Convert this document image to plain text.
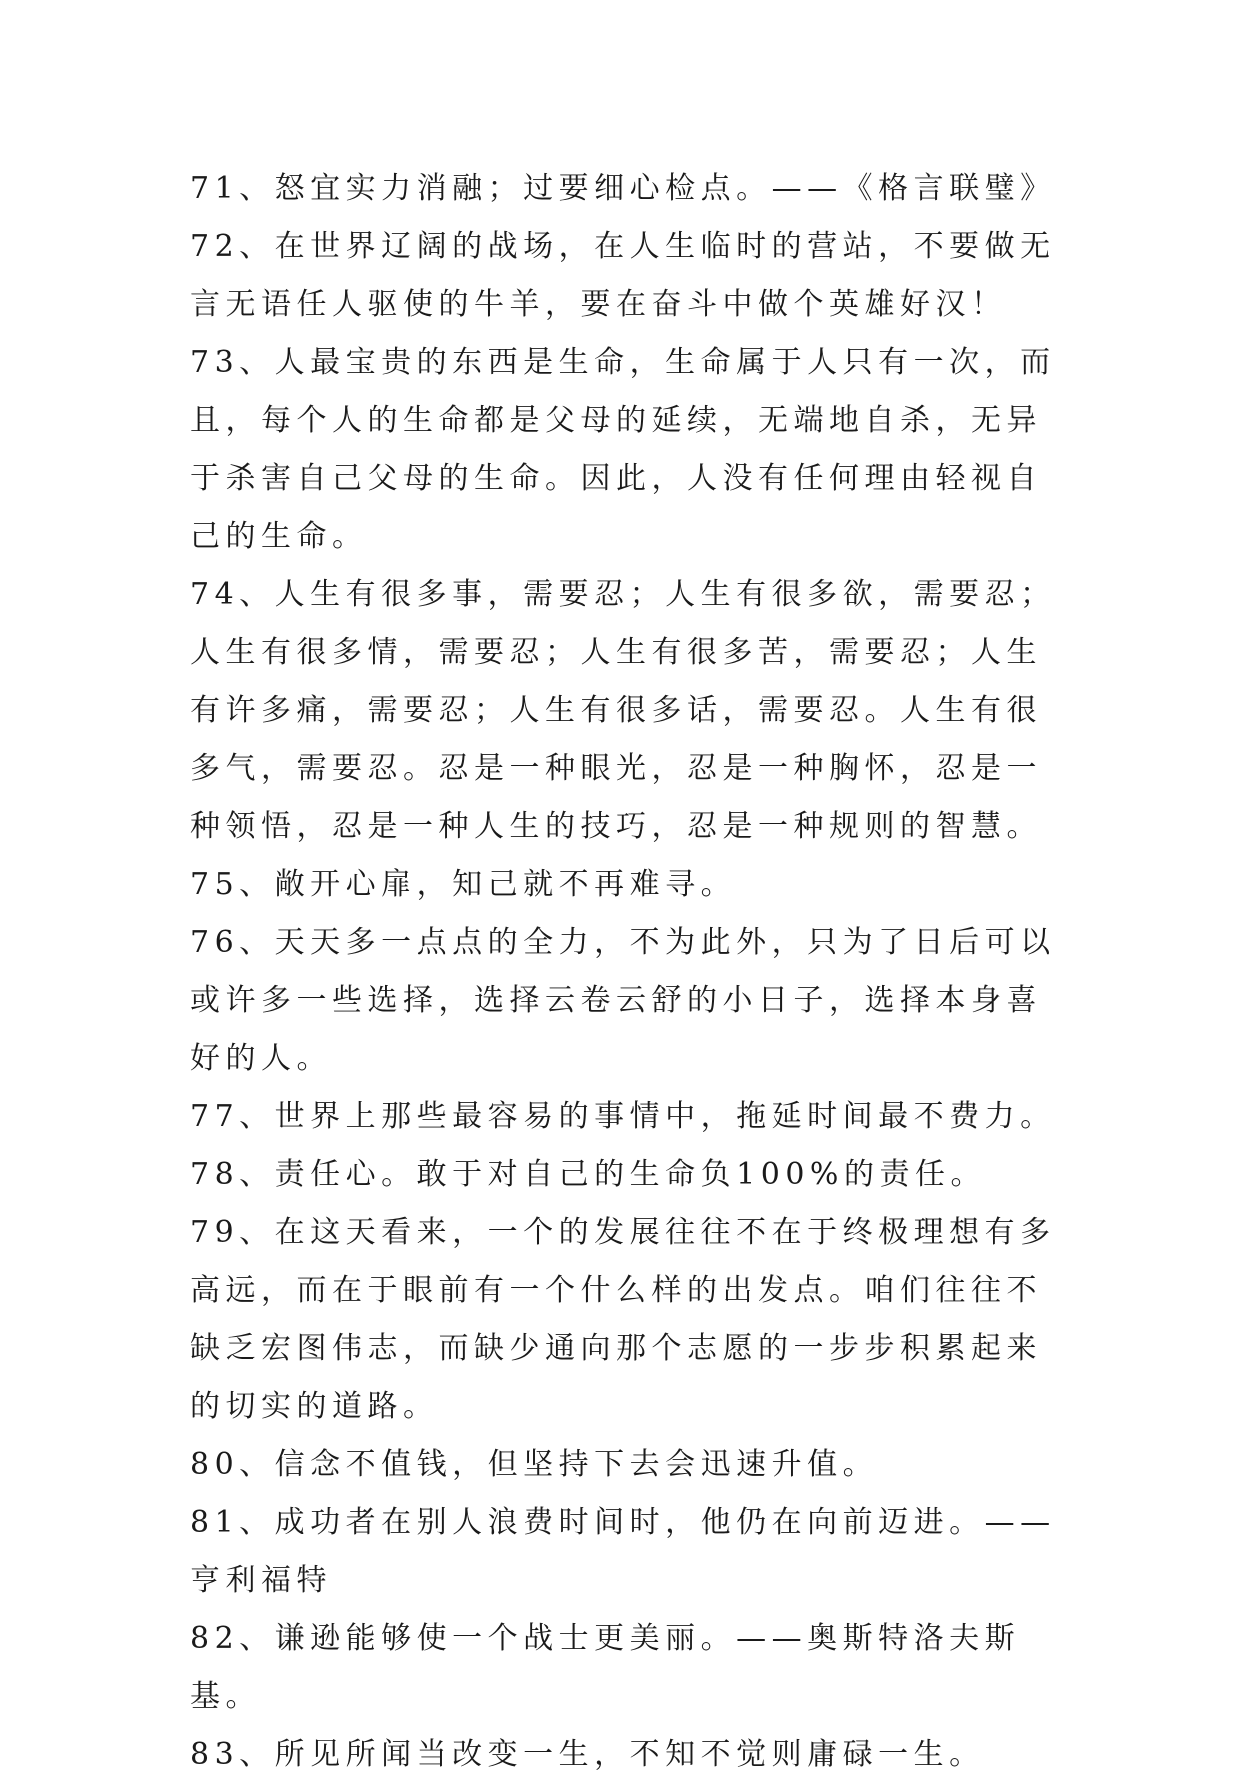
71、怒宜实力消融；过要细心检点。——《格言联璧》

72、在世界辽阔的战场，在人生临时的营站，不要做无言无语任人驱使的牛羊，要在奋斗中做个英雄好汉！

73、人最宝贵的东西是生命，生命属于人只有一次，而且，每个人的生命都是父母的延续，无端地自杀，无异于杀害自己父母的生命。因此，人没有任何理由轻视自己的生命。

74、人生有很多事，需要忍；人生有很多欲，需要忍；人生有很多情，需要忍；人生有很多苦，需要忍；人生有许多痛，需要忍；人生有很多话，需要忍。人生有很多气，需要忍。忍是一种眼光，忍是一种胸怀，忍是一种领悟，忍是一种人生的技巧，忍是一种规则的智慧。

75、敞开心扉，知己就不再难寻。

76、天天多一点点的全力，不为此外，只为了日后可以或许多一些选择，选择云卷云舒的小日子，选择本身喜好的人。

77、世界上那些最容易的事情中，拖延时间最不费力。

78、责任心。敢于对自己的生命负100%的责任。

79、在这天看来，一个的发展往往不在于终极理想有多高远，而在于眼前有一个什么样的出发点。咱们往往不缺乏宏图伟志，而缺少通向那个志愿的一步步积累起来的切实的道路。

80、信念不值钱，但坚持下去会迅速升值。

81、成功者在别人浪费时间时，他仍在向前迈进。——亨利福特

82、谦逊能够使一个战士更美丽。——奥斯特洛夫斯基。

83、所见所闻当改变一生，不知不觉则庸碌一生。
